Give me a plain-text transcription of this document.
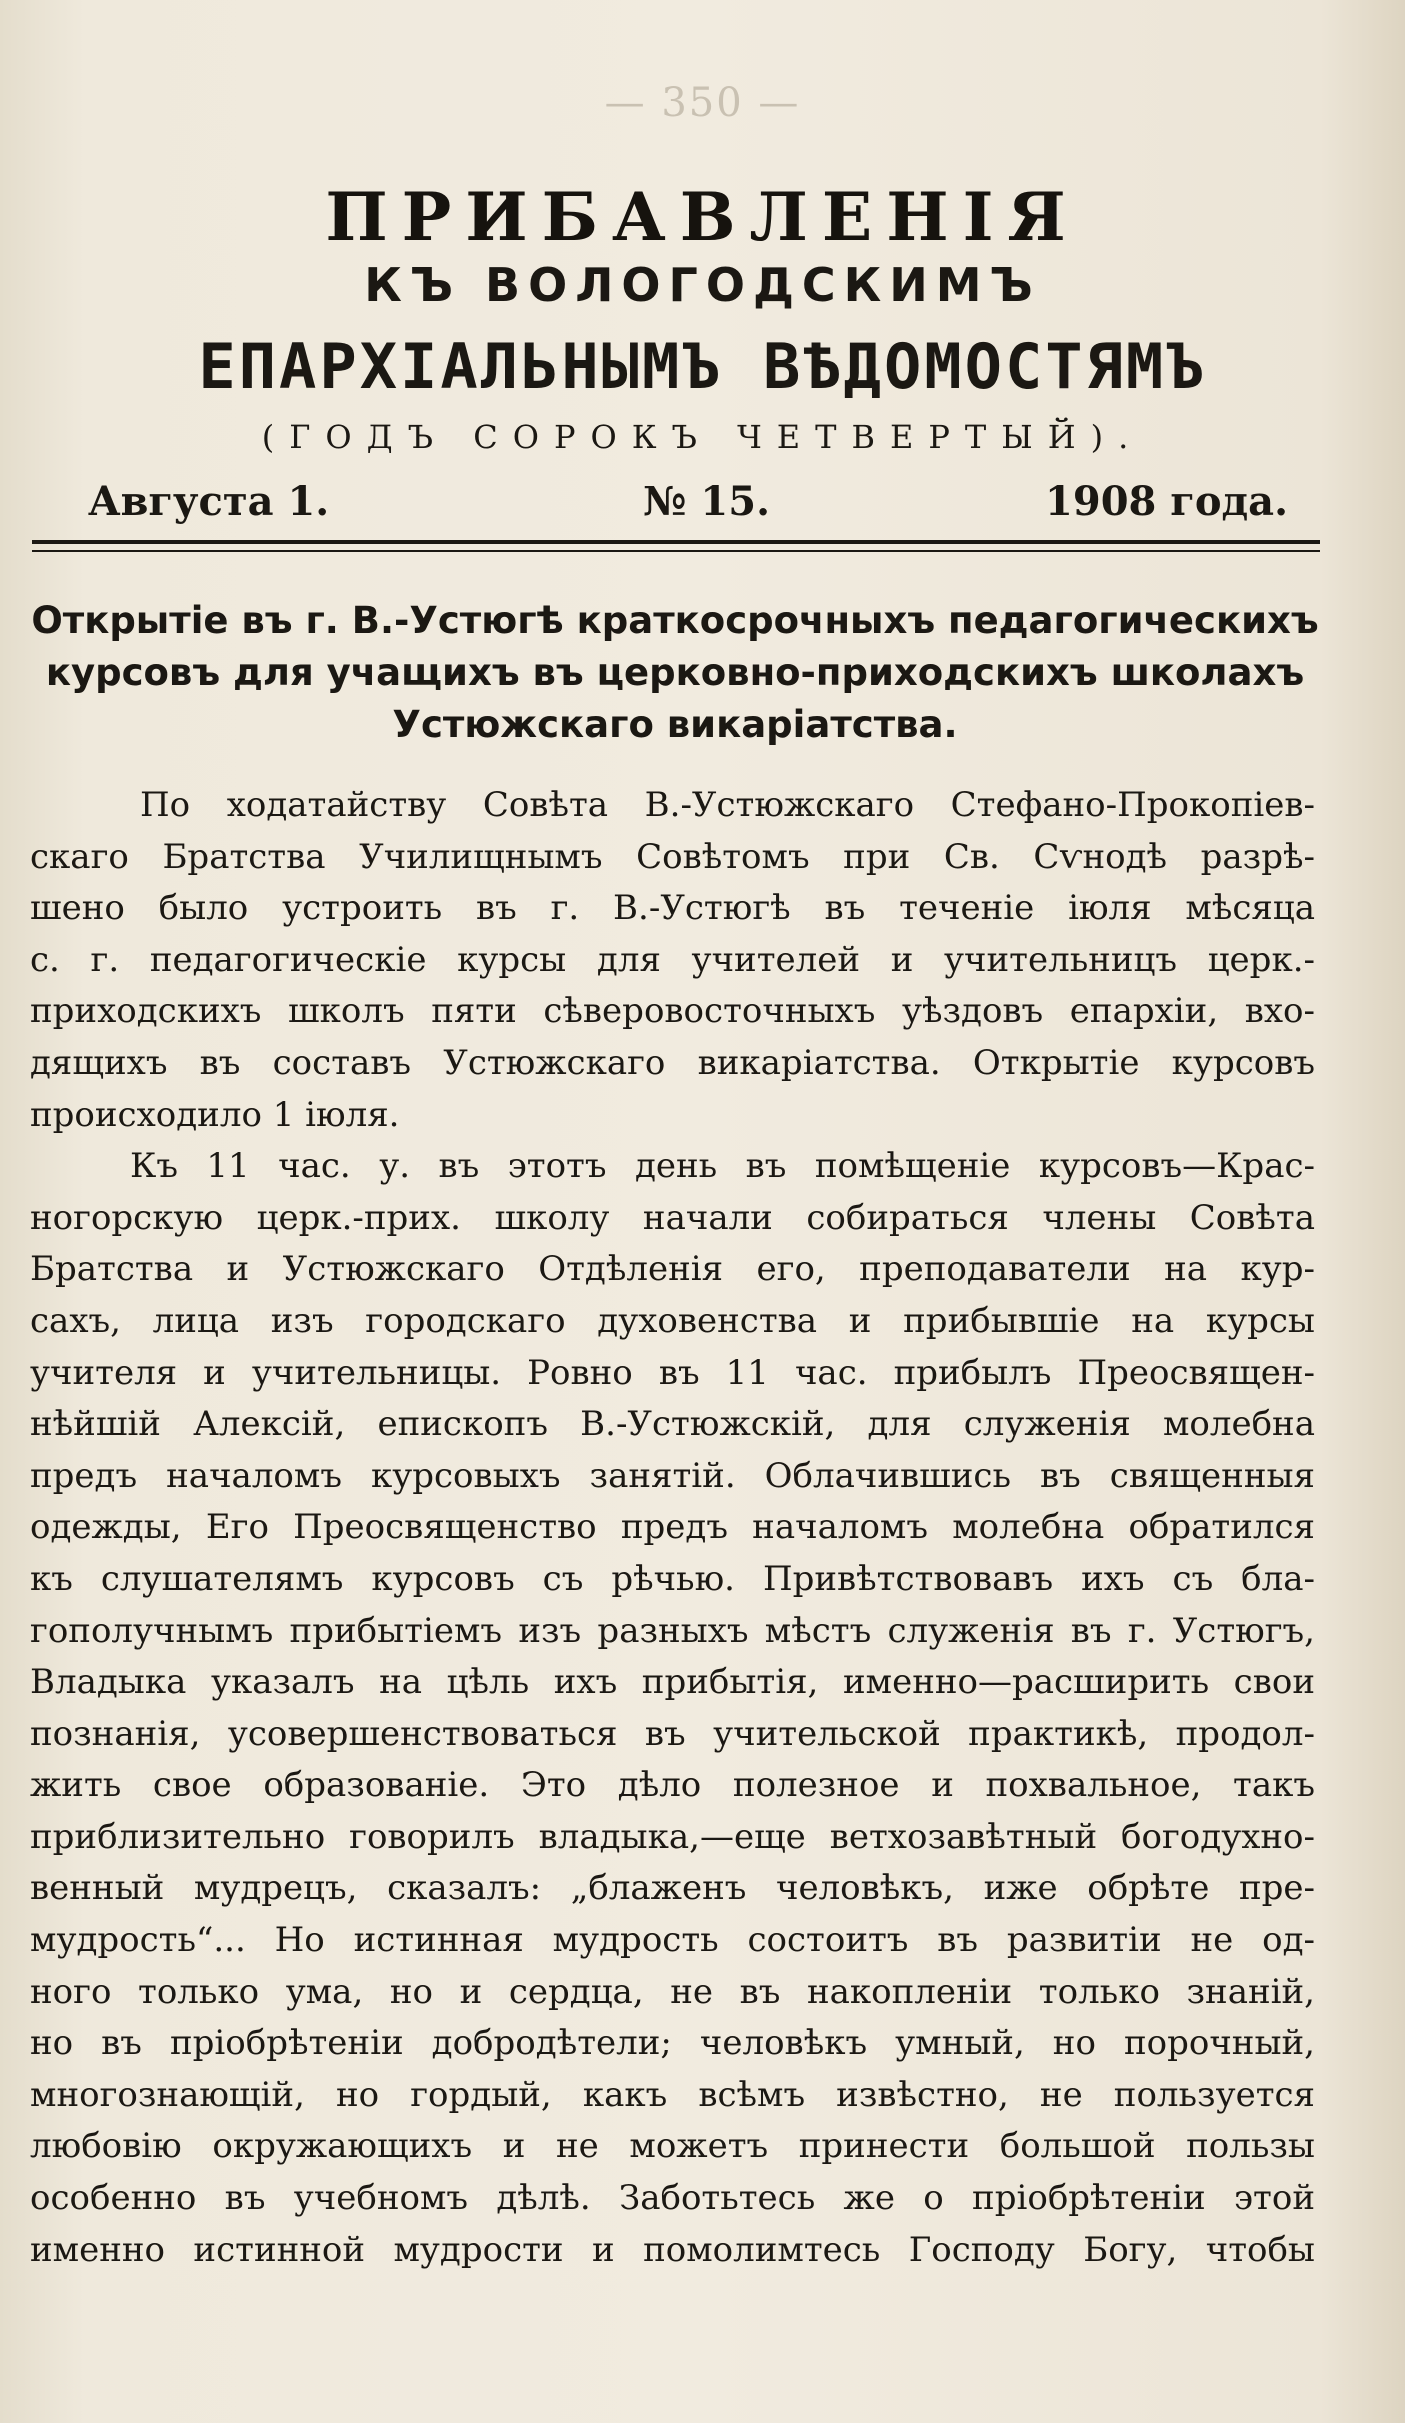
— 350 —
ПРИБАВЛЕНІЯ
КЪ ВОЛОГОДСКИМЪ
ЕПАРХІАЛЬНЫМЪ ВѢДОМОСТЯМЪ
(ГОДЪ СОРОКЪ ЧЕТВЕРТЫЙ).
Августа 1.	№ 15.	1908 года.
Открытіе въ г. В.-Устюгѣ краткосрочныхъ педагогическихъ
курсовъ для учащихъ въ церковно-приходскихъ школахъ
Устюжскаго викаріатства.
По ходатайству Совѣта В.-Устюжскаго Стефано-Прокопіев-
скаго Братства Училищнымъ Совѣтомъ при Св. Сѵнодѣ разрѣ-
шено было устроить въ г. В.-Устюгѣ въ теченіе іюля мѣсяца
с. г. педагогическіе курсы для учителей и учительницъ церк.-
приходскихъ школъ пяти сѣверовосточныхъ уѣздовъ епархіи, вхо-
дящихъ въ составъ Устюжскаго викаріатства. Открытіе курсовъ
происходило 1 іюля.
Къ 11 час. у. въ этотъ день въ помѣщеніе курсовъ—Крас-
ногорскую церк.-прих. школу начали собираться члены Совѣта
Братства и Устюжскаго Отдѣленія его, преподаватели на кур-
сахъ, лица изъ городскаго духовенства и прибывшіе на курсы
учителя и учительницы. Ровно въ 11 час. прибылъ Преосвящен-
нѣйшій Алексій, епископъ В.-Устюжскій, для служенія молебна
предъ началомъ курсовыхъ занятій. Облачившись въ священныя
одежды, Его Преосвященство предъ началомъ молебна обратился
къ слушателямъ курсовъ съ рѣчью. Привѣтствовавъ ихъ съ бла-
гополучнымъ прибытіемъ изъ разныхъ мѣстъ служенія въ г. Устюгъ,
Владыка указалъ на цѣль ихъ прибытія, именно—расширить свои
познанія, усовершенствоваться въ учительской практикѣ, продол-
жить свое образованіе. Это дѣло полезное и похвальное, такъ
приблизительно говорилъ владыка,—еще ветхозавѣтный богодухно-
венный мудрецъ, сказалъ: „блаженъ человѣкъ, иже обрѣте пре-
мудрость“... Но истинная мудрость состоитъ въ развитіи не од-
ного только ума, но и сердца, не въ накопленіи только знаній,
но въ пріобрѣтеніи добродѣтели; человѣкъ умный, но порочный,
многознающій, но гордый, какъ всѣмъ извѣстно, не пользуется
любовію окружающихъ и не можетъ принести большой пользы
особенно въ учебномъ дѣлѣ. Заботьтесь же о пріобрѣтеніи этой
именно истинной мудрости и помолимтесь Господу Богу, чтобы
